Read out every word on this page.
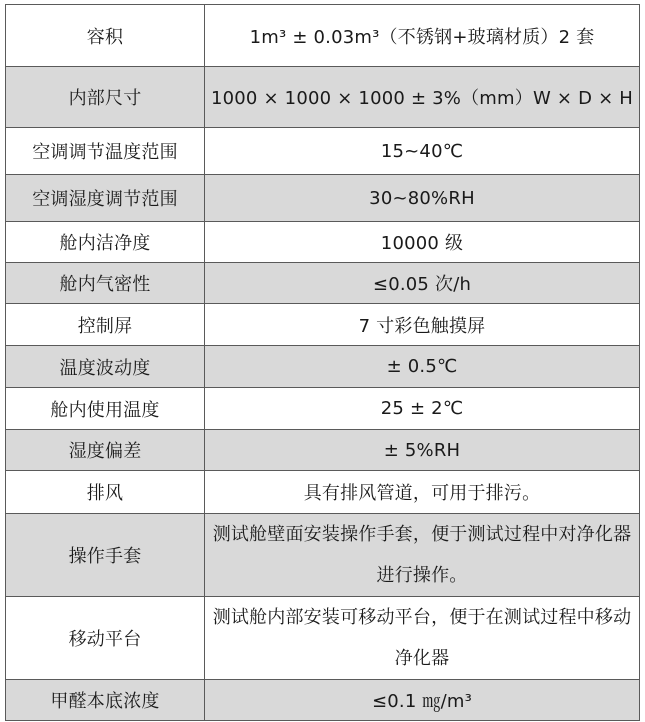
容积	1m³ ± 0.03m³（不锈钢+玻璃材质）2 套
内部尺寸	1000 × 1000 × 1000 ± 3%（mm）W × D × H
空调调节温度范围	15~40℃
空调湿度调节范围	30~80%RH
舱内洁净度	10000 级
舱内气密性	≤0.05 次/h
控制屏	7 寸彩色触摸屏
温度波动度	± 0.5℃
舱内使用温度	25 ± 2℃
湿度偏差	± 5%RH
排风	具有排风管道，可用于排污。
操作手套	测试舱壁面安装操作手套，便于测试过程中对净化器进行操作。
移动平台	测试舱内部安装可移动平台，便于在测试过程中移动净化器
甲醛本底浓度	≤0.1 ㎎/m³
